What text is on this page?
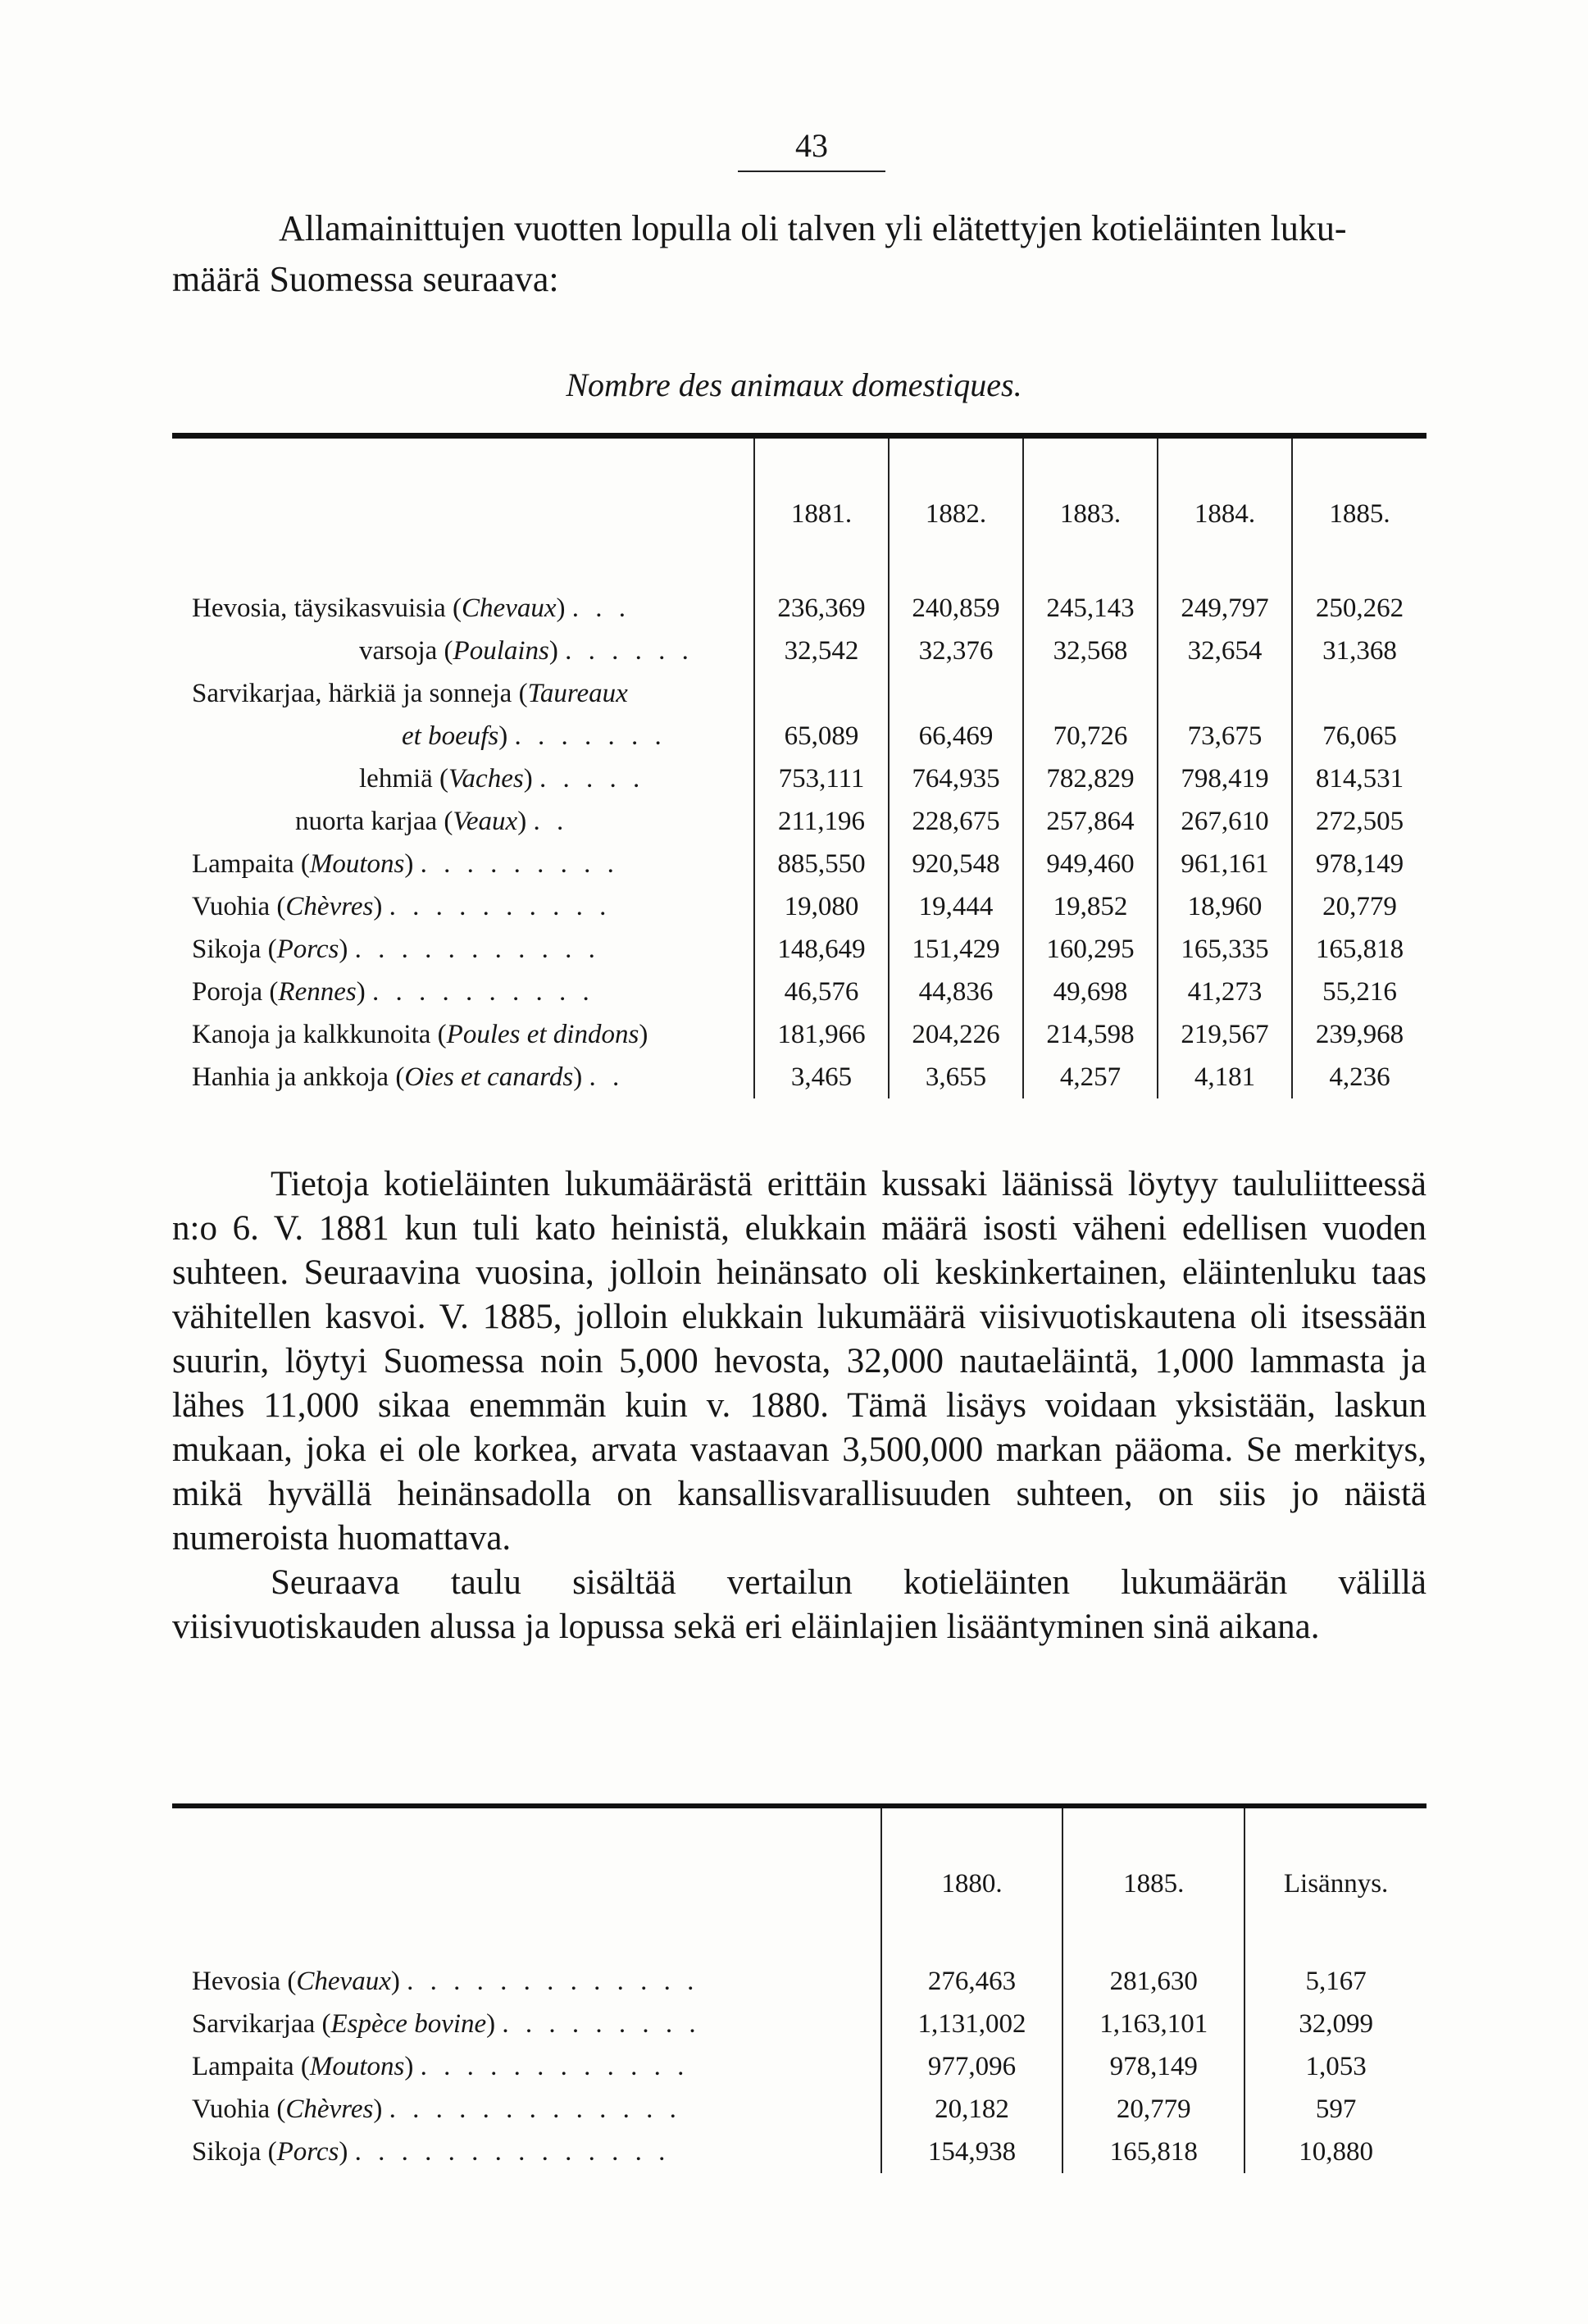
43
Allamainittujen vuotten lopulla oli talven yli elätettyjen kotieläinten luku-
määrä Suomessa seuraava:
Nombre des animaux domestiques.
	1881.	1882.	1883.	1884.	1885.

Hevosia, täysikasvuisia (Chevaux) . . .	236,369	240,859	245,143	249,797	250,262
varsoja (Poulains) . . . . . .	32,542	32,376	32,568	32,654	31,368
Sarvikarjaa, härkiä ja sonneja (Taureaux					
et boeufs) . . . . . . .	65,089	66,469	70,726	73,675	76,065
lehmiä (Vaches) . . . . .	753,111	764,935	782,829	798,419	814,531
nuorta karjaa (Veaux) . .	211,196	228,675	257,864	267,610	272,505
Lampaita (Moutons) . . . . . . . . .	885,550	920,548	949,460	961,161	978,149
Vuohia (Chèvres) . . . . . . . . . .	19,080	19,444	19,852	18,960	20,779
Sikoja (Porcs) . . . . . . . . . . .	148,649	151,429	160,295	165,335	165,818
Poroja (Rennes) . . . . . . . . . .	46,576	44,836	49,698	41,273	55,216
Kanoja ja kalkkunoita (Poules et dindons)	181,966	204,226	214,598	219,567	239,968
Hanhia ja ankkoja (Oies et canards) . .	3,465	3,655	4,257	4,181	4,236

Tietoja kotieläinten lukumäärästä erittäin kussaki läänissä löytyy taululiitteessä n:o 6. V. 1881 kun tuli kato heinistä, elukkain määrä isosti väheni edellisen vuoden suhteen. Seuraavina vuosina, jolloin heinänsato oli keskinkertainen, eläintenluku taas vähitellen kasvoi. V. 1885, jolloin elukkain lukumäärä viisivuotiskautena oli itsessään suurin, löytyi Suomessa noin 5,000 hevosta, 32,000 nautaeläintä, 1,000 lammasta ja lähes 11,000 sikaa enemmän kuin v. 1880. Tämä lisäys voidaan yksistään, laskun mukaan, joka ei ole korkea, arvata vastaavan 3,500,000 markan pääoma. Se merkitys, mikä hyvällä heinänsadolla on kansallisvarallisuuden suhteen, on siis jo näistä numeroista huomattava.

Seuraava taulu sisältää vertailun kotieläinten lukumäärän välillä viisivuotiskauden alussa ja lopussa sekä eri eläinlajien lisääntyminen sinä aikana.

	1880.	1885.	Lisännys.

Hevosia (Chevaux) . . . . . . . . . . . . .	276,463	281,630	5,167
Sarvikarjaa (Espèce bovine) . . . . . . . . .	1,131,002	1,163,101	32,099
Lampaita (Moutons) . . . . . . . . . . . .	977,096	978,149	1,053
Vuohia (Chèvres) . . . . . . . . . . . . .	20,182	20,779	597
Sikoja (Porcs) . . . . . . . . . . . . . .	154,938	165,818	10,880
